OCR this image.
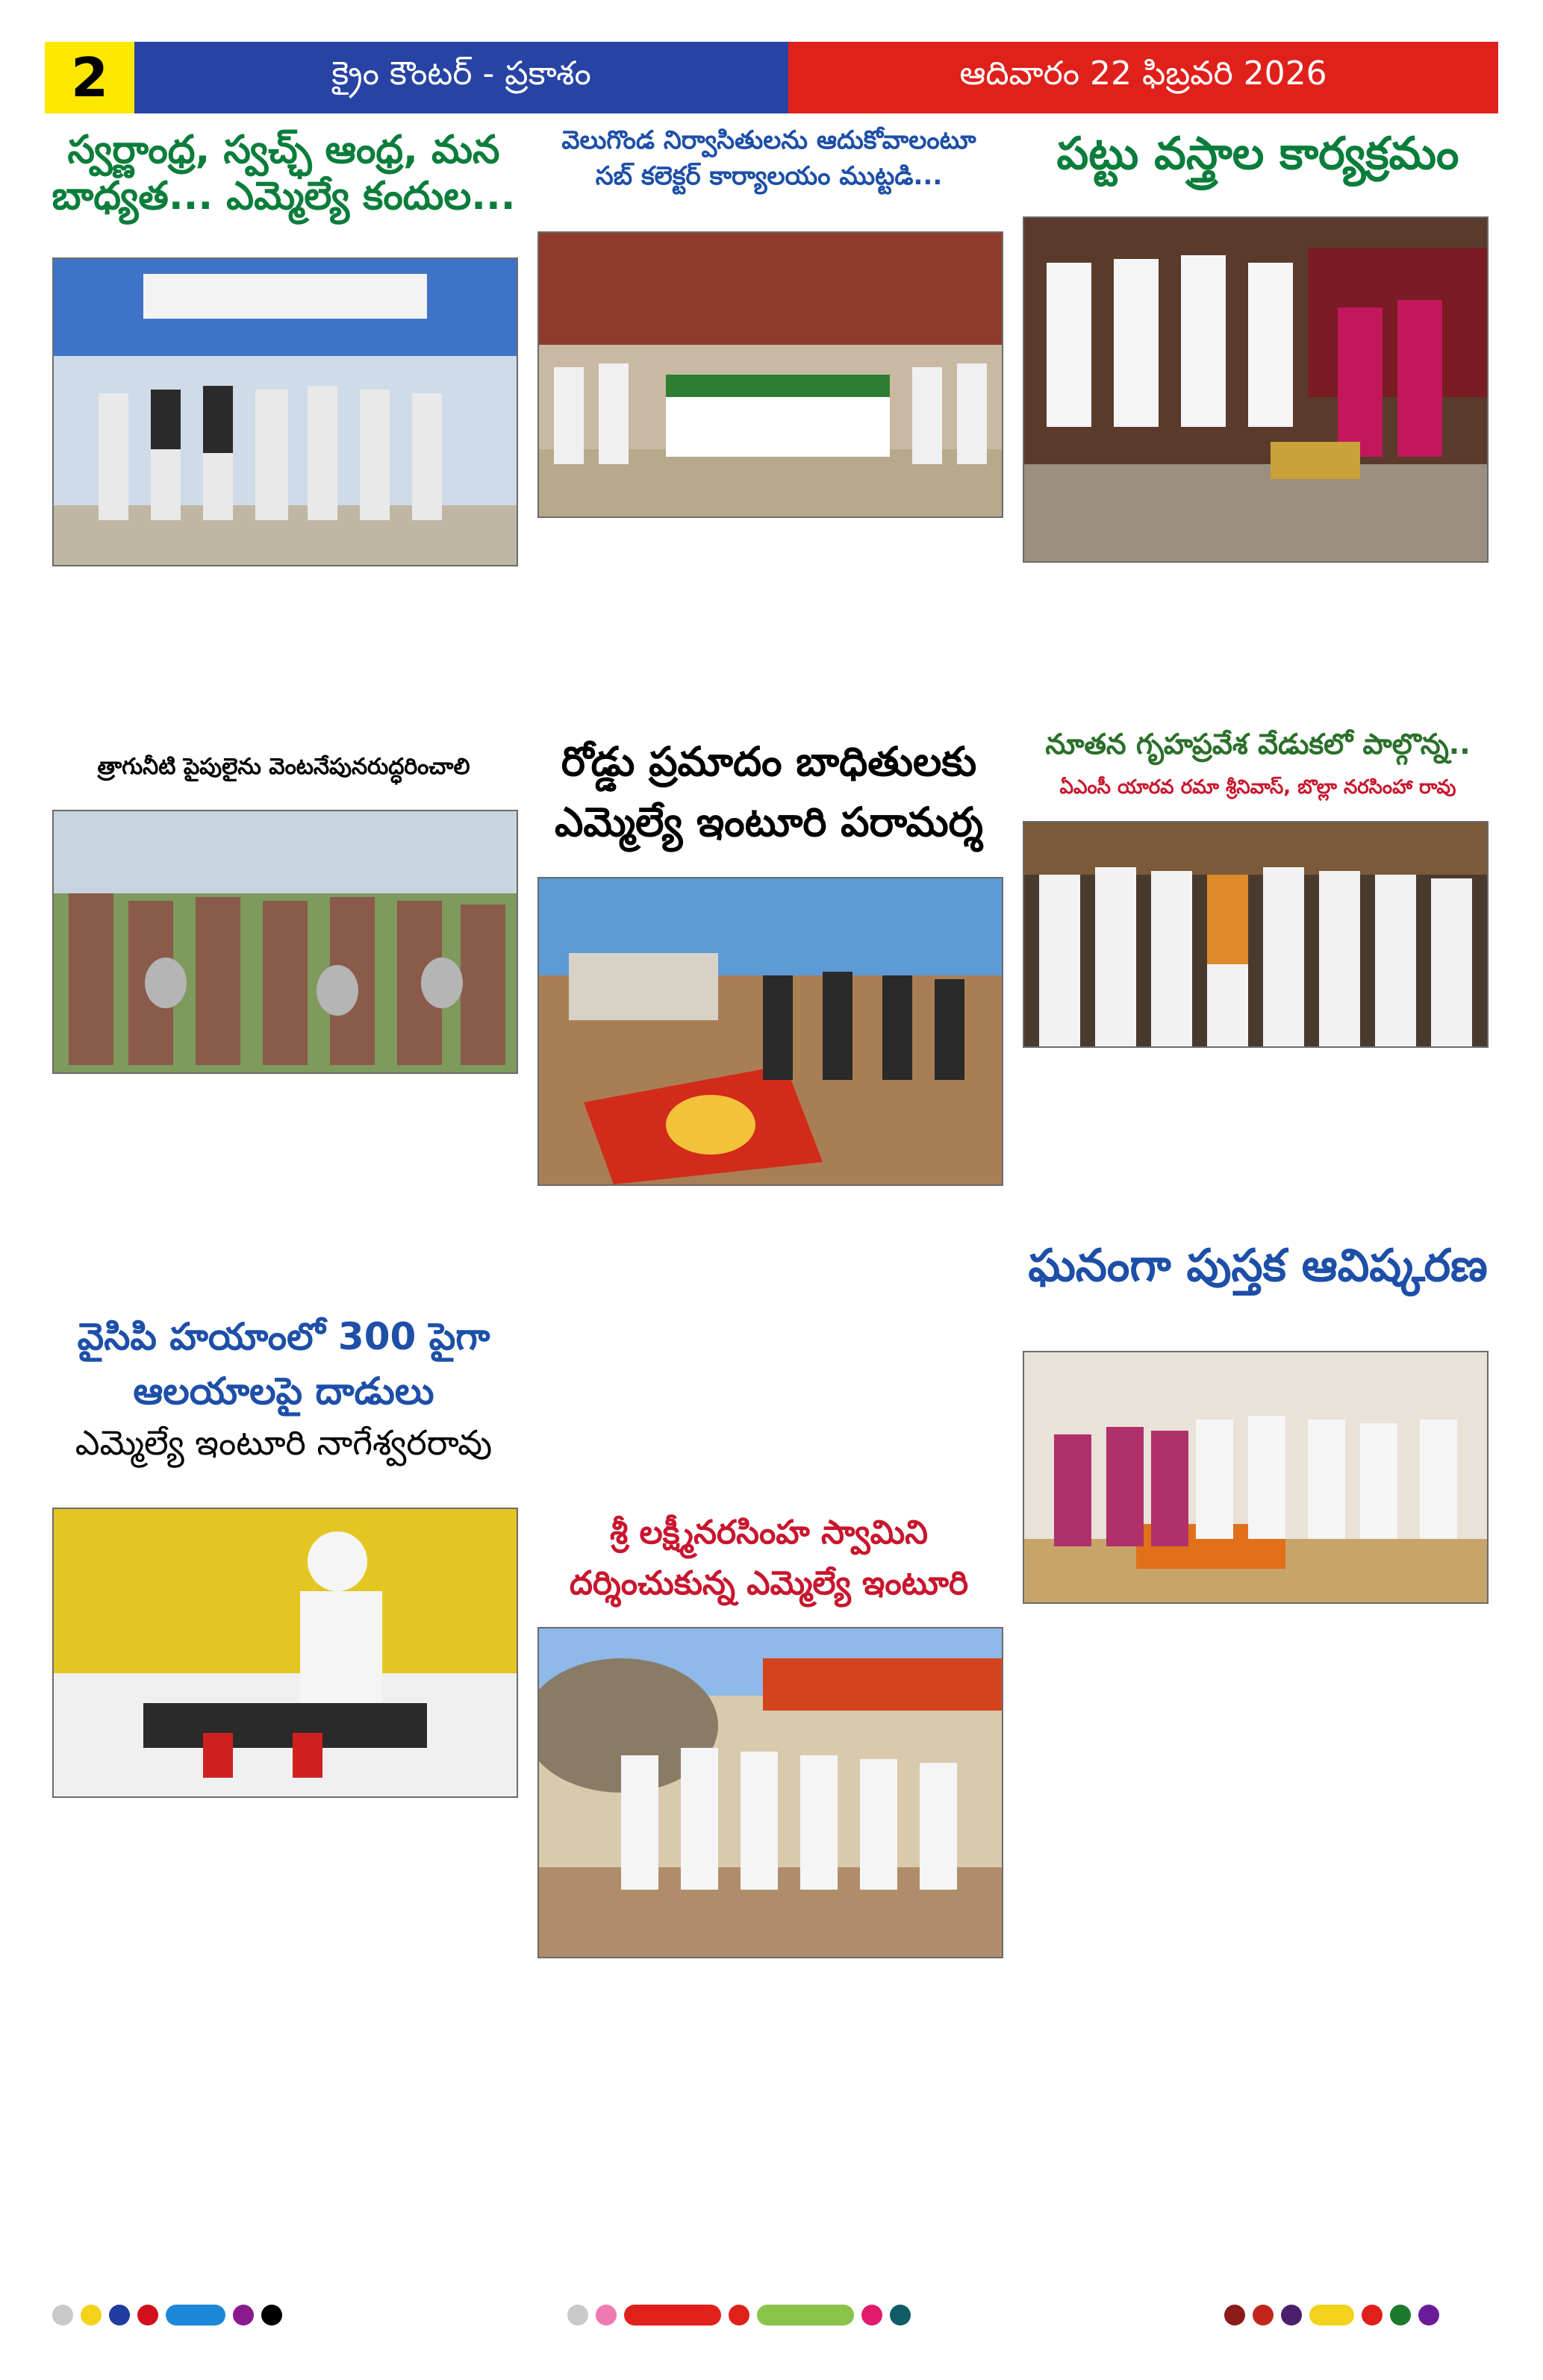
2	క్రైం కౌంటర్ - ప్రకాశం	ఆదివారం 22 ఫిబ్రవరి 2026
స్వర్ణాంధ్ర, స్వచ్ఛ్ ఆంధ్ర, మన
బాధ్యత... ఎమ్మెల్యే కందుల...
త్రాగునీటి పైపులైను వెంటనేపునరుద్ధరించాలి
వైసిపి హయాంలో 300 పైగా
ఆలయాలపై దాడులు
ఎమ్మెల్యే ఇంటూరి నాగేశ్వరరావు
వెలుగొండ నిర్వాసితులను ఆదుకోవాలంటూ
సబ్ కలెక్టర్ కార్యాలయం ముట్టడి...
రోడ్డు ప్రమాదం బాధితులకు
ఎమ్మెల్యే ఇంటూరి పరామర్శ
శ్రీ లక్ష్మీనరసింహ స్వామిని
దర్శించుకున్న ఎమ్మెల్యే ఇంటూరి
పట్టు వస్త్రాల కార్యక్రమం
నూతన గృహప్రవేశ వేడుకలో పాల్గొన్న..
ఏఎంసీ యారవ రమా శ్రీనివాస్, బొల్లా నరసింహా రావు
ఘనంగా పుస్తక ఆవిష్కరణ
